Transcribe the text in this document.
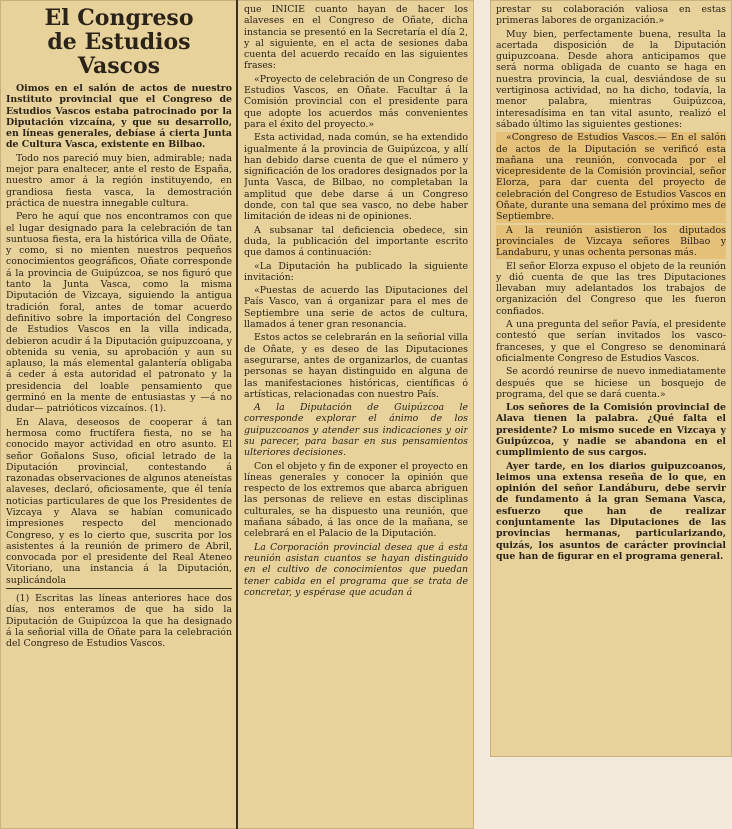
El Congreso
de Estudios Vascos

Oimos en el salón de actos de nuestro Instituto provincial que el Congreso de Estudios Vascos estaba patrocinado por la Diputación vizcaína, y que su desarrollo, en líneas generales, debíase á cierta Junta de Cultura Vasca, existente en Bilbao.

Todo nos pareció muy bien, admirable; nada mejor para enaltecer, ante el resto de España, nuestro amor á la región instituyendo, en grandiosa fiesta vasca, la demostración práctica de nuestra innegable cultura.

Pero he aquí que nos encontramos con que el lugar designado para la celebración de tan suntuosa fiesta, era la histórica villa de Oñate, y como, si no mienten nuestros pequeños conocimientos geográficos, Oñate corresponde á la provincia de Guipúzcoa, se nos figuró que tanto la Junta Vasca, como la misma Diputación de Vizcaya, siguiendo la antigua tradición foral, antes de tomar acuerdo definitivo sobre la importación del Congreso de Estudios Vascos en la villa indicada, debieron acudir á la Diputación guipuzcoana, y obtenida su venia, su aprobación y aun su aplauso, la más elemental galantería obligaba á ceder á esta autoridad el patronato y la presidencia del loable pensamiento que germinó en la mente de entusiastas y —á no dudar— patrióticos vizcaínos. (1).

En Alava, deseosos de cooperar á tan hermosa como fructífera fiesta, no se ha conocido mayor actividad en otro asunto. El señor Goñalons Suso, oficial letrado de la Diputación provincial, contestando á razonadas observaciones de algunos ateneístas alaveses, declaró, oficiosamente, que él tenía noticias particulares de que los Presidentes de Vizcaya y Alava se habían comunicado impresiones respecto del mencionado Congreso, y es lo cierto que, suscrita por los asistentes á la reunión de primero de Abril, convocada por el presidente del Real Ateneo Vitoriano, una instancia á la Diputación, suplicándola

(1) Escritas las líneas anteriores hace dos días, nos enteramos de que ha sido la Diputación de Guipúzcoa la que ha designado á la señorial villa de Oñate para la celebración del Congreso de Estudios Vascos.

que INICIE cuanto hayan de hacer los alaveses en el Congreso de Oñate, dicha instancia se presentó en la Secretaría el día 2, y al siguiente, en el acta de sesiones daba cuenta del acuerdo recaído en las siguientes frases:

«Proyecto de celebración de un Congreso de Estudios Vascos, en Oñate. Facultar á la Comisión provincial con el presidente para que adopte los acuerdos más convenientes para el éxito del proyecto.»

Esta actividad, nada común, se ha extendido igualmente á la provincia de Guipúzcoa, y allí han debido darse cuenta de que el número y significación de los oradores designados por la Junta Vasca, de Bilbao, no completaban la amplitud que debe darse á un Congreso donde, con tal que sea vasco, no debe haber limitación de ideas ni de opiniones.

A subsanar tal deficiencia obedece, sin duda, la publicación del importante escrito que damos á continuación:

«La Diputación ha publicado la siguiente invitación:

«Puestas de acuerdo las Diputaciones del País Vasco, van á organizar para el mes de Septiembre una serie de actos de cultura, llamados á tener gran resonancia.

Estos actos se celebrarán en la señorial villa de Oñate, y es deseo de las Diputaciones asegurarse, antes de organizarlos, de cuantas personas se hayan distinguido en alguna de las manifestaciones históricas, científicas ó artísticas, relacionadas con nuestro País.

A la Diputación de Guipúzcoa le corresponde explorar el ánimo de los guipuzcoanos y atender sus indicaciones y oir su parecer, para basar en sus pensamientos ulteriores decisiones.

Con el objeto y fin de exponer el proyecto en líneas generales y conocer la opinión que respecto de los extremos que abarca abriguen las personas de relieve en estas disciplinas culturales, se ha dispuesto una reunión, que mañana sábado, á las once de la mañana, se celebrará en el Palacio de la Diputación.

La Corporación provincial desea que á esta reunión asistan cuantos se hayan distinguido en el cultivo de conocimientos que puedan tener cabida en el programa que se trata de concretar, y espérase que acudan á

prestar su colaboración valiosa en estas primeras labores de organización.»

Muy bien, perfectamente buena, resulta la acertada disposición de la Diputación guipuzcoana. Desde ahora anticipamos que será norma obligada de cuanto se haga en nuestra provincia, la cual, desviándose de su vertiginosa actividad, no ha dicho, todavía, la menor palabra, mientras Guipúzcoa, interesadísima en tan vital asunto, realizó el sábado último las siguientes gestiones:

«Congreso de Estudios Vascos.— En el salón de actos de la Diputación se verificó esta mañana una reunión, convocada por el vicepresidente de la Comisión provincial, señor Elorza, para dar cuenta del proyecto de celebración del Congreso de Estudios Vascos en Oñate, durante una semana del próximo mes de Septiembre.

A la reunión asistieron los diputados provinciales de Vizcaya señores Bilbao y Landaburu, y unas ochenta personas más.

El señor Elorza expuso el objeto de la reunión y dió cuenta de que las tres Diputaciones llevaban muy adelantados los trabajos de organización del Congreso que les fueron confiados.

A una pregunta del señor Pavía, el presidente contestó que serían invitados los vasco-franceses, y que el Congreso se denominará oficialmente Congreso de Estudios Vascos.

Se acordó reunirse de nuevo inmediatamente después que se hiciese un bosquejo de programa, del que se dará cuenta.»

Los señores de la Comisión provincial de Alava tienen la palabra. ¿Qué falta el presidente? Lo mismo sucede en Vizcaya y Guipúzcoa, y nadie se abandona en el cumplimiento de sus cargos.

Ayer tarde, en los diarios guipuzcoanos, leimos una extensa reseña de lo que, en opinión del señor Landáburu, debe servir de fundamento á la gran Semana Vasca, esfuerzo que han de realizar conjuntamente las Diputaciones de las provincias hermanas, particularizando, quizás, los asuntos de carácter provincial que han de figurar en el programa general.
